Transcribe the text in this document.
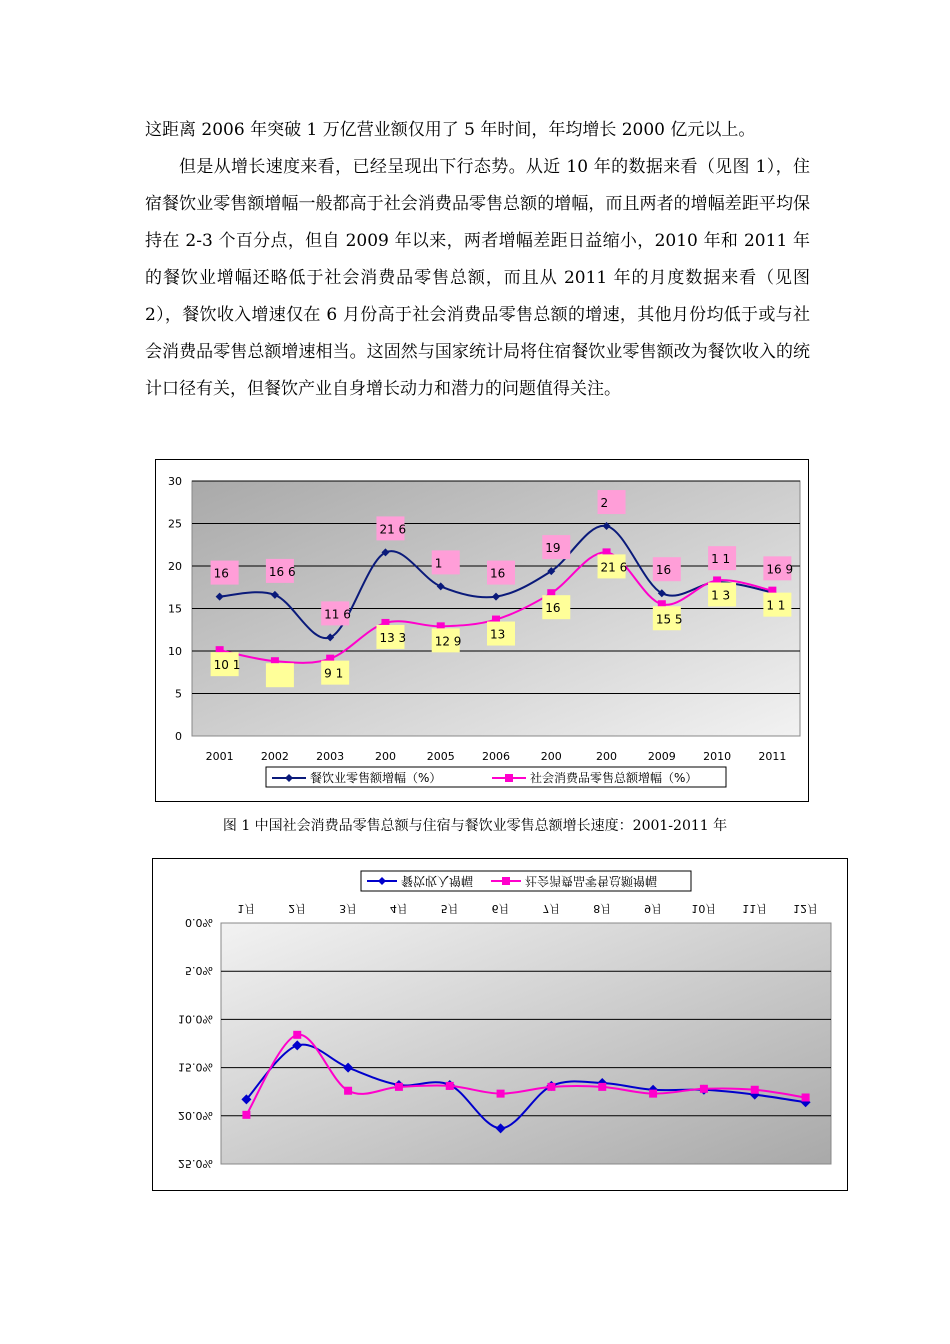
这距离 2006 年突破 1 万亿营业额仅用了 5 年时间，年均增长 2000 亿元以上。

但是从增长速度来看，已经呈现出下行态势。从近 10 年的数据来看（见图 1），住宿餐饮业零售额增幅一般都高于社会消费品零售总额的增幅，而且两者的增幅差距平均保持在 2-3 个百分点，但自 2009 年以来，两者增幅差距日益缩小，2010 年和 2011 年的餐饮业增幅还略低于社会消费品零售总额，而且从 2011 年的月度数据来看（见图 2），餐饮收入增速仅在 6 月份高于社会消费品零售总额的增速，其他月份均低于或与社会消费品零售总额增速相当。这固然与国家统计局将住宿餐饮业零售额改为餐饮收入的统计口径有关，但餐饮产业自身增长动力和潜力的问题值得关注。

0
5
10
15
20
25
30
2001 2002 2003	200	2005 2006	200	200	2009 2010 2011
16	16 6
11 6
21 6
1
16
19
2
16
1 1
16 9
10 1
9 1
13 3 12 9 13
16
21 6
15 5
1 3
1 1
餐饮业零售额增幅（%）	社会消费品零售总额增幅（%）
图 1 中国社会消费品零售总额与住宿与餐饮业零售总额增长速度：2001-2011 年
0.0%
5.0%
10.0%
15.0%
20.0%
25.0%
1月	2月	3月	4月	5月	6月	7月	8月	9月	10月 11月 12月
餐饮收入增幅	社会消费品零售总额增幅
